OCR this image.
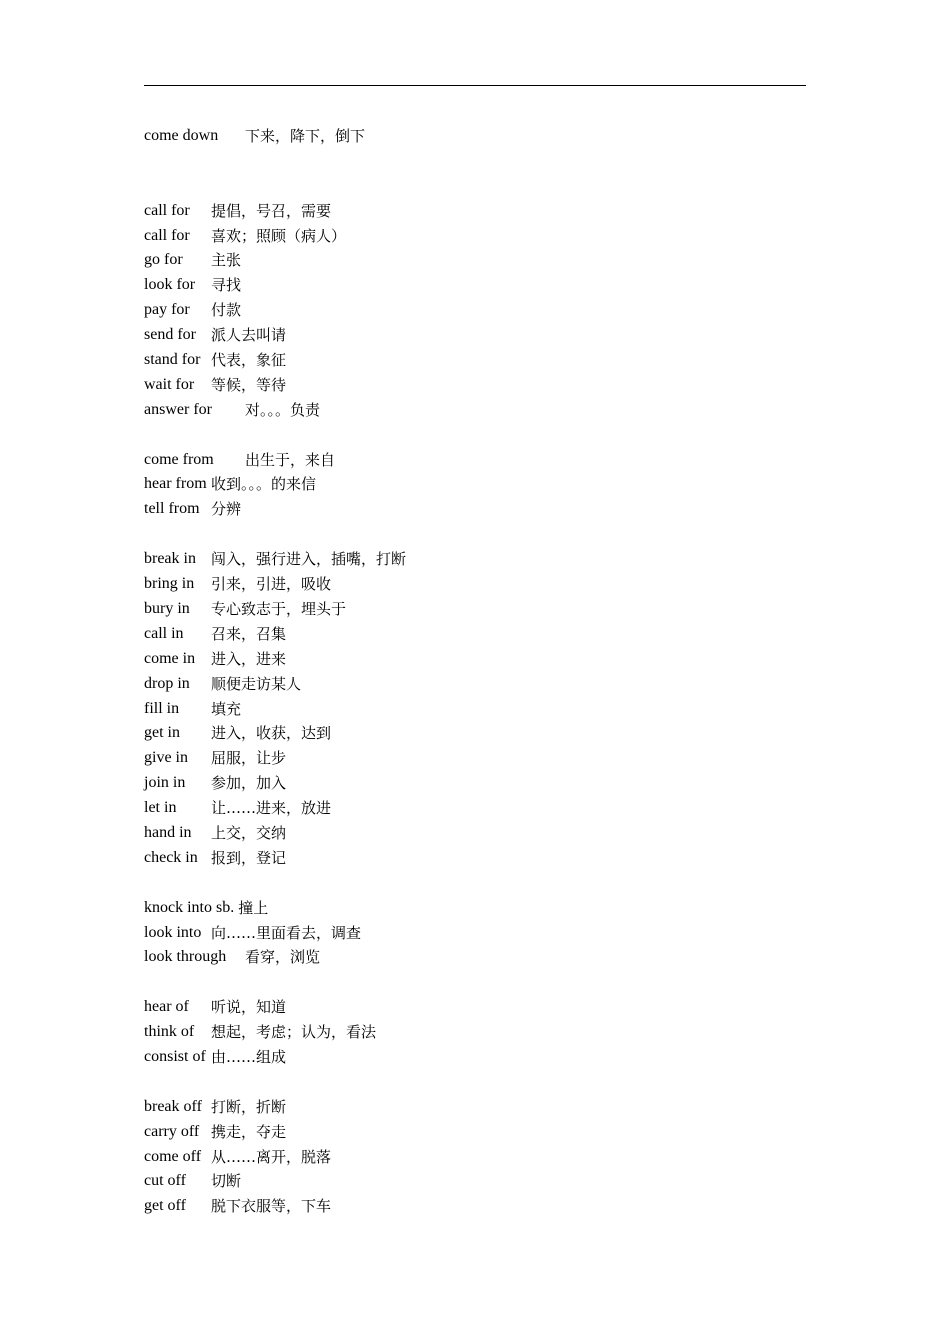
come down 下来，降下，倒下
call for 提倡，号召，需要
call for 喜欢；照顾（病人）
go for 主张
look for 寻找
pay for 付款
send for 派人去叫请
stand for 代表，象征
wait for 等候，等待
answer for 对。。。负责
come from 出生于，来自
hear from 收到。。。的来信
tell from 分辨
break in 闯入，强行进入，插嘴，打断
bring in 引来，引进，吸收
bury in 专心致志于，埋头于
call in 召来，召集
come in 进入，进来
drop in 顺便走访某人
fill in 填充
get in 进入，收获，达到
give in 屈服，让步
join in 参加，加入
let in 让……进来，放进
hand in 上交，交纳
check in 报到，登记
knock into sb. 撞上
look into 向……里面看去，调查
look through 看穿，浏览
hear of 听说，知道
think of 想起，考虑；认为，看法
consist of 由……组成
break off 打断，折断
carry off 携走，夺走
come off 从……离开，脱落
cut off 切断
get off 脱下衣服等，下车
